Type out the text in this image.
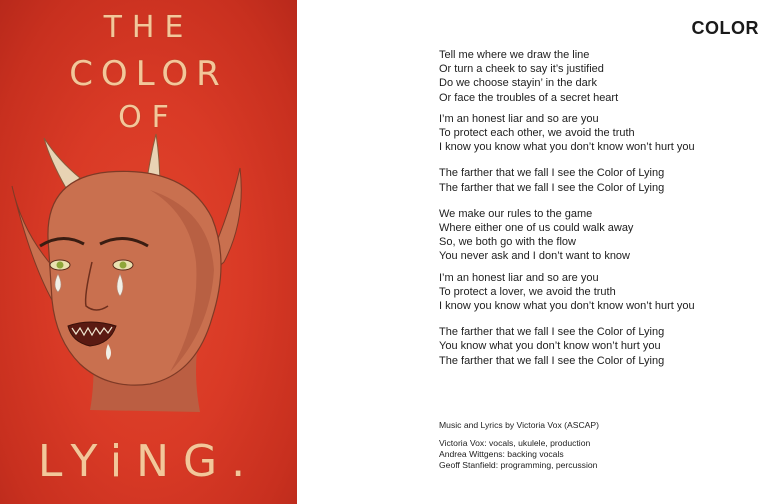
THE
COLOR
OF
LYiNG.
COLOR
Tell me where we draw the line
Or turn a cheek to say it’s justified
Do we choose stayin’ in the dark
Or face the troubles of a secret heart
I’m an honest liar and so are you
To protect each other, we avoid the truth
I know you know what you don’t know won’t hurt you
The farther that we fall I see the Color of Lying
The farther that we fall I see the Color of Lying
We make our rules to the game
Where either one of us could walk away
So, we both go with the flow
You never ask and I don’t want to know
I’m an honest liar and so are you
To protect a lover, we avoid the truth
I know you know what you don’t know won’t hurt you
The farther that we fall I see the Color of Lying
You know what you don’t know won’t hurt you
The farther that we fall I see the Color of Lying
Music and Lyrics by Victoria Vox (ASCAP)
Victoria Vox: vocals, ukulele, production
Andrea Wittgens: backing vocals
Geoff Stanfield: programming, percussion
